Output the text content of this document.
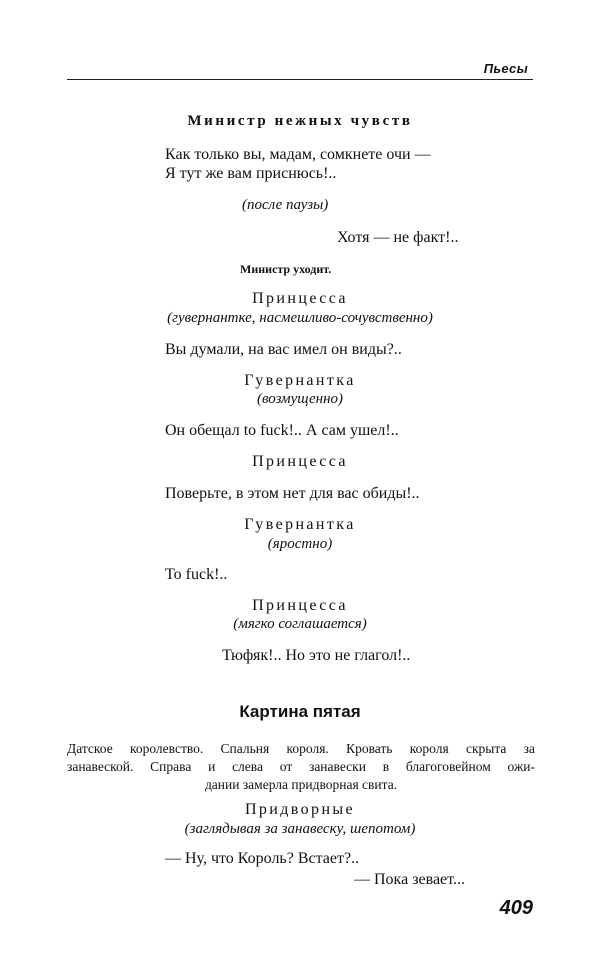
Пьесы
Министр нежных чувств
Как только вы, мадам, сомкнете очи —
Я тут же вам приснюсь!..
(после паузы)
Хотя — не факт!..
Министр уходит.
Принцесса
(гувернантке, насмешливо-сочувственно)
Вы думали, на вас имел он виды?..
Гувернантка
(возмущенно)
Он обещал to fuck!.. А сам ушел!..
Принцесса
Поверьте, в этом нет для вас обиды!..
Гувернантка
(яростно)
To fuck!..
Принцесса
(мягко соглашается)
Тюфяк!.. Но это не глагол!..
Картина пятая
Датское королевство. Спальня короля. Кровать короля скрыта за
занавеской. Справа и слева от занавески в благоговейном ожи-
дании замерла придворная свита.
Придворные
(заглядывая за занавеску, шепотом)
— Ну, что Король? Встает?..
— Пока зевает...
409
